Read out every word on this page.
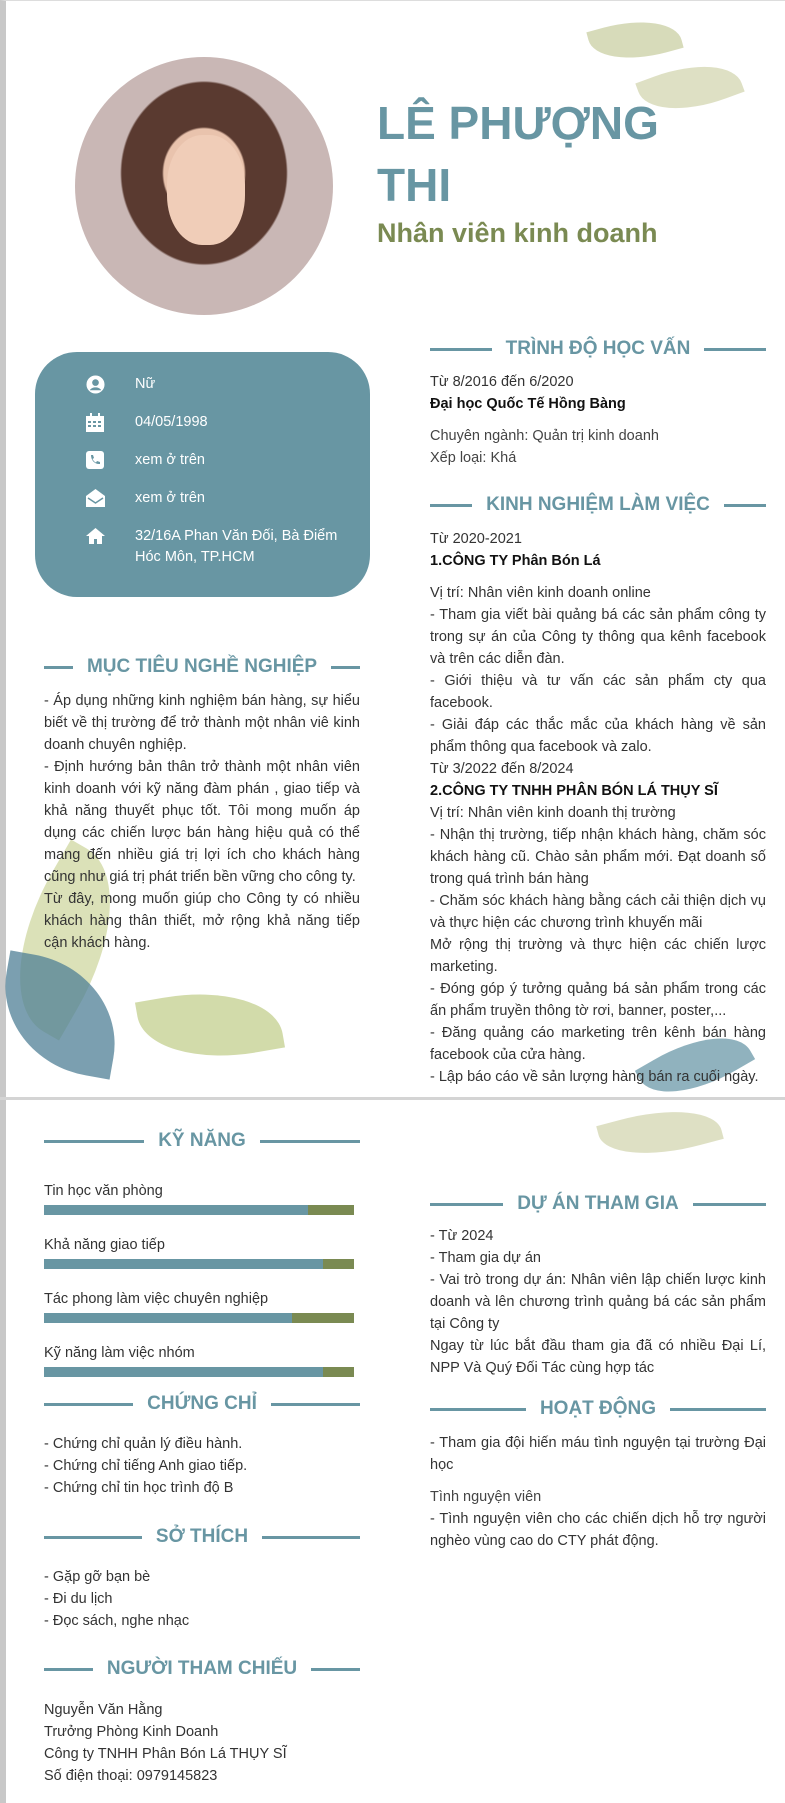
LÊ PHƯỢNG THI
Nhân viên kinh doanh
Nữ
04/05/1998
xem ở trên
xem ở trên
32/16A Phan Văn Đối, Bà Điểm Hóc Môn, TP.HCM
MỤC TIÊU NGHỀ NGHIỆP

- Áp dụng những kinh nghiệm bán hàng, sự hiểu biết về thị trường để trở thành một nhân viê kinh doanh chuyên nghiệp.

- Định hướng bản thân trở thành một nhân viên kinh doanh với kỹ năng đàm phán , giao tiếp và khả năng thuyết phục tốt. Tôi mong muốn áp dụng các chiến lược bán hàng hiệu quả có thể mang đến nhiều giá trị lợi ích cho khách hàng cũng như giá trị phát triển bền vững cho công ty.

Từ đây, mong muốn giúp cho Công ty có nhiều khách hàng thân thiết, mở rộng khả năng tiếp cận khách hàng.

TRÌNH ĐỘ HỌC VẤN

Từ 8/2016 đến 6/2020

Đại học Quốc Tế Hồng Bàng

Chuyên ngành: Quản trị kinh doanh

Xếp loại: Khá

KINH NGHIỆM LÀM VIỆC

Từ 2020-2021

1.CÔNG TY Phân Bón Lá

Vị trí: Nhân viên kinh doanh online

- Tham gia viết bài quảng bá các sản phẩm công ty trong sự án của Công ty thông qua kênh facebook và trên các diễn đàn.

- Giới thiệu và tư vấn các sản phẩm cty qua facebook.

- Giải đáp các thắc mắc của khách hàng về sản phẩm thông qua facebook và zalo.

Từ 3/2022 đến 8/2024

2.CÔNG TY TNHH PHÂN BÓN LÁ THỤY SĨ

Vị trí: Nhân viên kinh doanh thị trường

- Nhận thị trường, tiếp nhận khách hàng, chăm sóc khách hàng cũ. Chào sản phẩm mới. Đạt doanh số trong quá trình bán hàng

- Chăm sóc khách hàng bằng cách cải thiện dịch vụ và thực hiện các chương trình khuyến mãi

Mở rộng thị trường và thực hiện các chiến lược marketing.

- Đóng góp ý tưởng quảng bá sản phẩm trong các ấn phẩm truyền thông tờ rơi, banner, poster,...

- Đăng quảng cáo marketing trên kênh bán hàng facebook của cửa hàng.

- Lập báo cáo về sản lượng hàng bán ra cuối ngày.

KỸ NĂNG
Tin học văn phòng
Khả năng giao tiếp
Tác phong làm việc chuyên nghiệp
Kỹ năng làm việc nhóm
CHỨNG CHỈ

- Chứng chỉ quản lý điều hành.

- Chứng chỉ tiếng Anh giao tiếp.

- Chứng chỉ tin học trình độ B

SỞ THÍCH

- Gặp gỡ bạn bè

- Đi du lịch

- Đọc sách, nghe nhạc

NGƯỜI THAM CHIẾU

Nguyễn Văn Hằng

Trưởng Phòng Kinh Doanh

Công ty TNHH Phân Bón Lá THỤY SĨ

Số điện thoại: 0979145823

DỰ ÁN THAM GIA

- Từ 2024

- Tham gia dự án

- Vai trò trong dự án: Nhân viên lập chiến lược kinh doanh và lên chương trình quảng bá các sản phẩm tại Công ty

Ngay từ lúc bắt đầu tham gia đã có nhiều Đại Lí, NPP Và Quý Đối Tác cùng hợp tác

HOẠT ĐỘNG

- Tham gia đội hiến máu tình nguyện tại trường Đại học

Tình nguyện viên

- Tình nguyện viên cho các chiến dịch hỗ trợ người nghèo vùng cao do CTY phát động.
